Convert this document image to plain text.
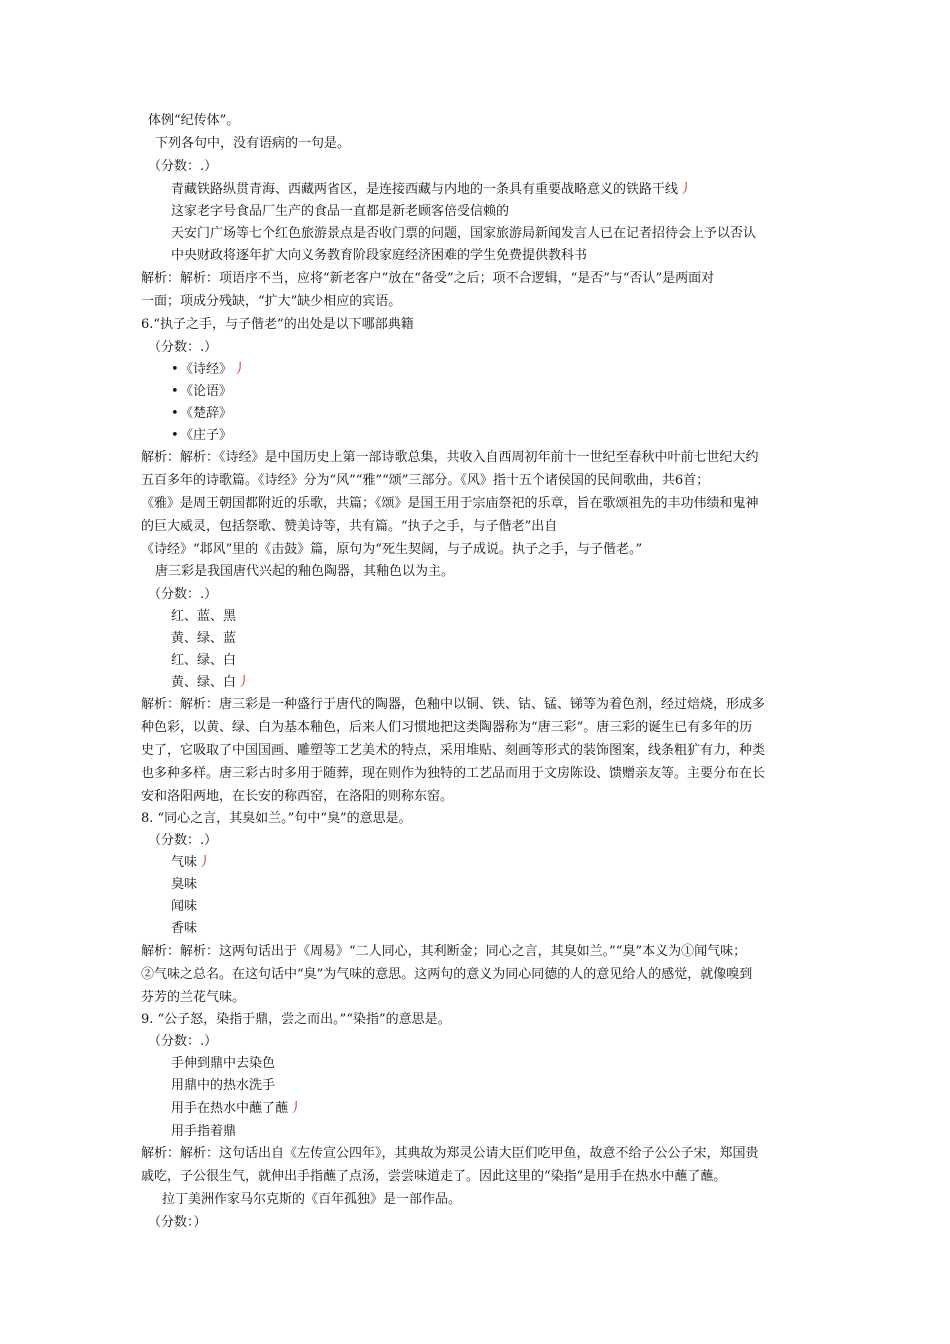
体例“纪传体”。
下列各句中，没有语病的一句是。
（分数：.）
青藏铁路纵贯青海、西藏两省区，是连接西藏与内地的一条具有重要战略意义的铁路干线丿
这家老字号食品厂生产的食品一直都是新老顾客倍受信赖的
天安门广场等七个红色旅游景点是否收门票的问题，国家旅游局新闻发言人已在记者招待会上予以否认
中央财政将逐年扩大向义务教育阶段家庭经济困难的学生免费提供教科书
解析：解析：项语序不当，应将“新老客户”放在“备受”之后；项不合逻辑，“是否”与“否认”是两面对
一面；项成分残缺，“扩大”缺少相应的宾语。
6.“执子之手，与子偕老”的出处是以下哪部典籍
（分数：.）
•《诗经》丿
•《论语》
•《楚辞》
•《庄子》
解析：解析：《诗经》是中国历史上第一部诗歌总集，共收入自西周初年前十一世纪至春秋中叶前七世纪大约
五百多年的诗歌篇。《诗经》分为“风”“雅”“颂”三部分。《风》指十五个诸侯国的民间歌曲，共6首；
《雅》是周王朝国都附近的乐歌，共篇；《颂》是国王用于宗庙祭祀的乐章，旨在歌颂祖先的丰功伟绩和鬼神
的巨大威灵，包括祭歌、赞美诗等，共有篇。“执子之手，与子偕老”出自
《诗经》“邶风”里的《击鼓》篇，原句为“死生契阔，与子成说。执子之手，与子偕老。”
唐三彩是我国唐代兴起的釉色陶器，其釉色以为主。
（分数：.）
红、蓝、黑
黄、绿、蓝
红、绿、白
黄、绿、白丿
解析：解析：唐三彩是一种盛行于唐代的陶器，色釉中以铜、铁、钴、锰、锑等为着色剂，经过焙烧，形成多
种色彩，以黄、绿、白为基本釉色，后来人们习惯地把这类陶器称为“唐三彩”。唐三彩的诞生已有多年的历
史了，它吸取了中国国画、雕塑等工艺美术的特点，采用堆贴、刻画等形式的装饰图案，线条粗犷有力，种类
也多种多样。唐三彩古时多用于随葬，现在则作为独特的工艺品而用于文房陈设、馈赠亲友等。主要分布在长
安和洛阳两地，在长安的称西窑，在洛阳的则称东窑。
8. “同心之言，其臭如兰。”句中“臭”的意思是。
（分数：.）
气味丿
臭味
闻味
香味
解析：解析：这两句话出于《周易》“二人同心，其利断金；同心之言，其臭如兰。”“臭”本义为①闻气味；
②气味之总名。在这句话中“臭”为气味的意思。这两句的意义为同心同德的人的意见给人的感觉，就像嗅到
芬芳的兰花气味。
9. “公子怒，染指于鼎，尝之而出。”“染指”的意思是。
（分数：.）
手伸到鼎中去染色
用鼎中的热水洗手
用手在热水中蘸了蘸丿
用手指着鼎
解析：解析：这句话出自《左传宣公四年》，其典故为郑灵公请大臣们吃甲鱼，故意不给子公公子宋，郑国贵
戚吃，子公很生气，就伸出手指蘸了点汤，尝尝味道走了。因此这里的“染指”是用手在热水中蘸了蘸。
拉丁美洲作家马尔克斯的《百年孤独》是一部作品。
（分数：）
